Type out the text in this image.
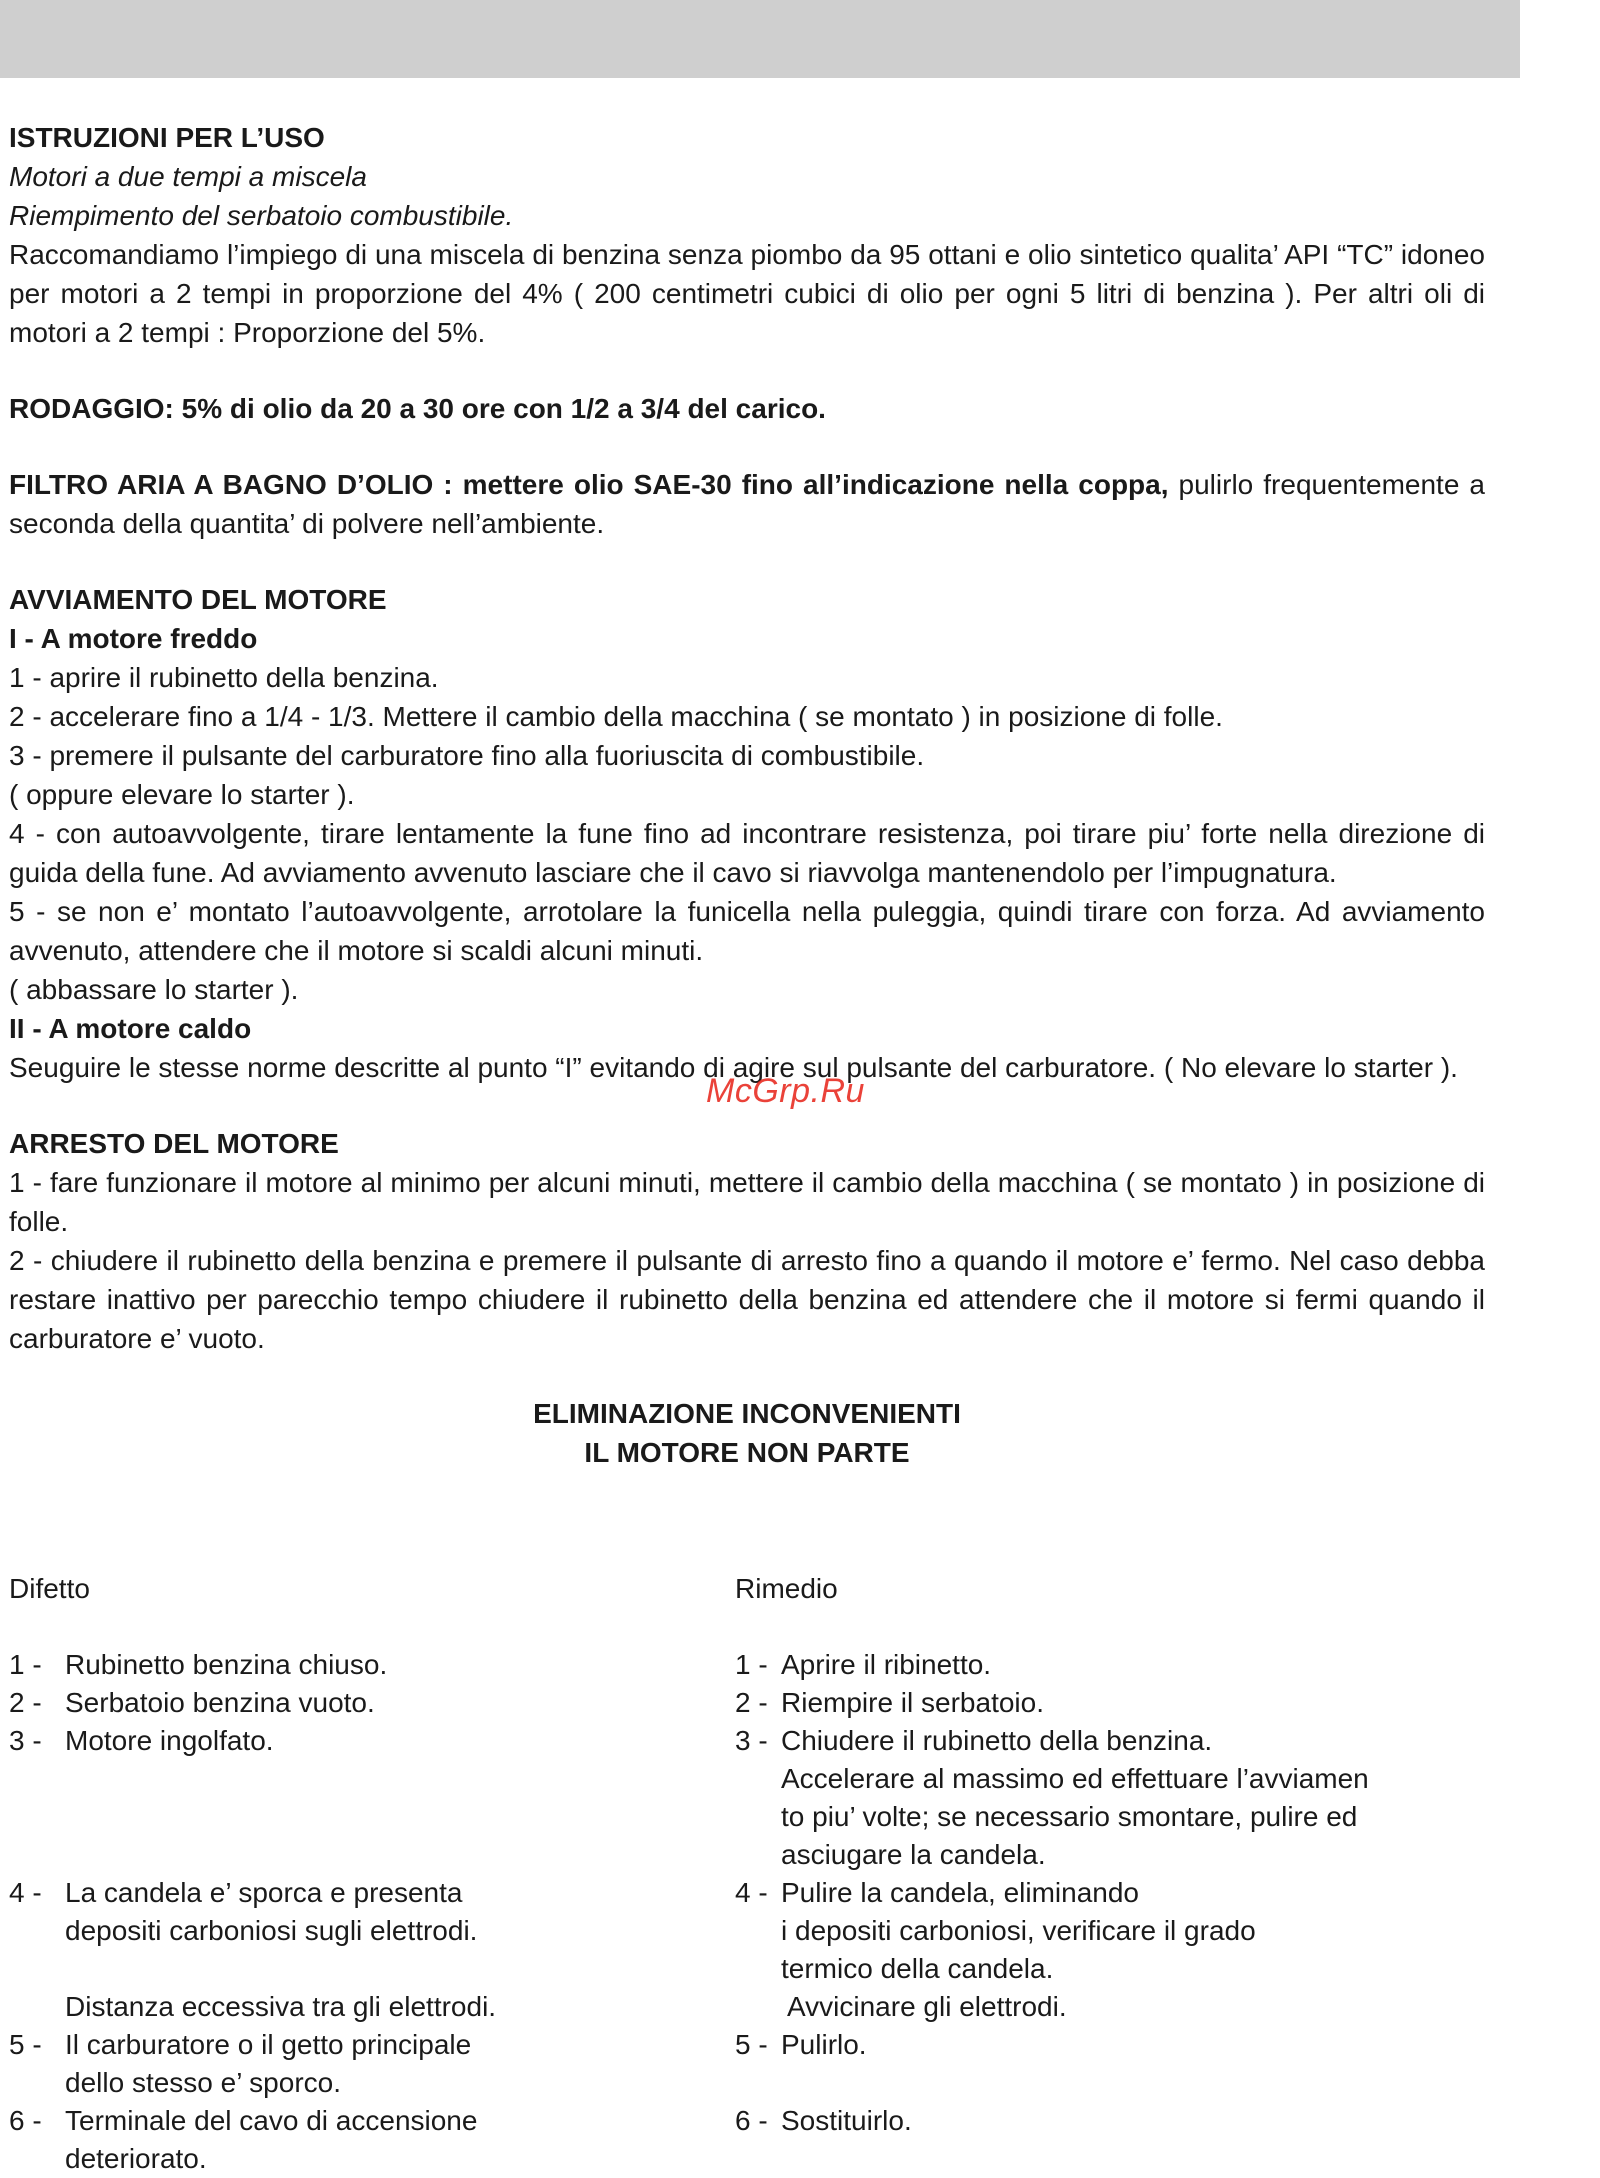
ISTRUZIONI PER L’USO

Motori a due tempi a miscela

Riempimento del serbatoio combustibile.

Raccomandiamo l’impiego di una miscela di benzina senza piombo da 95 ottani e olio sintetico qualita’ API “TC” idoneo per motori a 2 tempi in proporzione del 4% ( 200 centimetri cubici di olio per ogni 5 litri di benzina ). Per altri oli di motori a 2 tempi : Proporzione del 5%.

RODAGGIO: 5% di olio da 20 a 30 ore con 1/2 a 3/4 del carico.

FILTRO ARIA A BAGNO D’OLIO : mettere olio SAE-30 fino all’indicazione nella coppa, pulirlo frequentemente a seconda della quantita’ di polvere nell’ambiente.

AVVIAMENTO DEL MOTORE

I - A motore freddo

1 - aprire il rubinetto della benzina.

2 - accelerare fino a 1/4 - 1/3. Mettere il cambio della macchina ( se montato ) in posizione di folle.

3 - premere il pulsante del carburatore fino alla fuoriuscita di combustibile.

( oppure elevare lo starter ).

4 - con autoavvolgente, tirare lentamente la fune fino ad incontrare resistenza, poi tirare piu’ forte nella direzione di guida della fune. Ad avviamento avvenuto lasciare che il cavo si riavvolga mantenendolo per l’impugnatura.

5 - se non e’ montato l’autoavvolgente, arrotolare la funicella nella puleggia, quindi tirare con forza. Ad avviamento avvenuto, attendere che il motore si scaldi alcuni minuti.

( abbassare lo starter ).

II - A motore caldo

Seuguire le stesse norme descritte al punto “I” evitando di agire sul pulsante del carburatore. ( No elevare lo starter ).

ARRESTO DEL MOTORE

1 - fare funzionare il motore al minimo per alcuni minuti, mettere il cambio della macchina ( se montato ) in posizione di folle.

2 - chiudere il rubinetto della benzina e premere il pulsante di arresto fino a quando il motore e’ fermo. Nel caso debba restare inattivo per parecchio tempo chiudere il rubinetto della benzina ed attendere che il motore si fermi quando il carburatore e’ vuoto.

ELIMINAZIONE INCONVENIENTI

IL MOTORE NON PARTE

McGrp.Ru
Difetto
1 - Rubinetto benzina chiuso.
2 - Serbatoio benzina vuoto.
3 - Motore ingolfato.
4 - La candela e’ sporca e presenta
depositi carboniosi sugli elettrodi.
Distanza eccessiva tra gli elettrodi.
5 - Il carburatore o il getto principale
dello stesso e’ sporco.
6 - Terminale del cavo di accensione
deteriorato.
Rimedio
1 - Aprire il ribinetto.
2 - Riempire il serbatoio.
3 - Chiudere il rubinetto della benzina.
Accelerare al massimo ed effettuare l’avviamen
to piu’ volte; se necessario smontare, pulire ed
asciugare la candela.
4 - Pulire la candela, eliminando
i depositi carboniosi, verificare il grado
termico della candela.
Avvicinare gli elettrodi.
5 - Pulirlo.
6 - Sostituirlo.
